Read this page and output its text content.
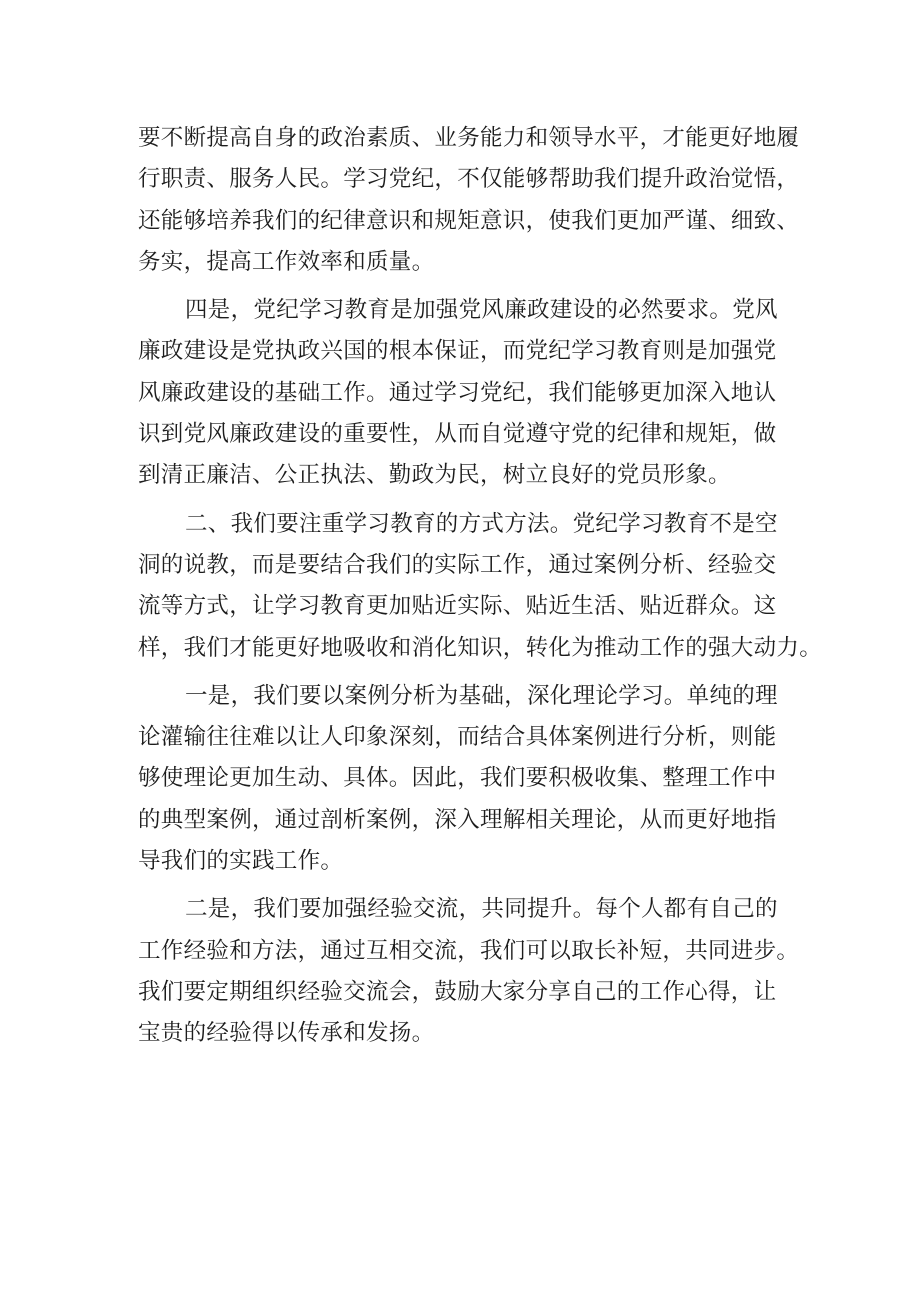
要不断提高自身的政治素质、业务能力和领导水平，才能更好地履
行职责、服务人民。学习党纪，不仅能够帮助我们提升政治觉悟，
还能够培养我们的纪律意识和规矩意识，使我们更加严谨、细致、
务实，提高工作效率和质量。
四是，党纪学习教育是加强党风廉政建设的必然要求。党风
廉政建设是党执政兴国的根本保证，而党纪学习教育则是加强党
风廉政建设的基础工作。通过学习党纪，我们能够更加深入地认
识到党风廉政建设的重要性，从而自觉遵守党的纪律和规矩，做
到清正廉洁、公正执法、勤政为民，树立良好的党员形象。
二、我们要注重学习教育的方式方法。党纪学习教育不是空
洞的说教，而是要结合我们的实际工作，通过案例分析、经验交
流等方式，让学习教育更加贴近实际、贴近生活、贴近群众。这
样，我们才能更好地吸收和消化知识，转化为推动工作的强大动力。
一是，我们要以案例分析为基础，深化理论学习。单纯的理
论灌输往往难以让人印象深刻，而结合具体案例进行分析，则能
够使理论更加生动、具体。因此，我们要积极收集、整理工作中
的典型案例，通过剖析案例，深入理解相关理论，从而更好地指
导我们的实践工作。
二是，我们要加强经验交流，共同提升。每个人都有自己的
工作经验和方法，通过互相交流，我们可以取长补短，共同进步。
我们要定期组织经验交流会，鼓励大家分享自己的工作心得，让
宝贵的经验得以传承和发扬。
